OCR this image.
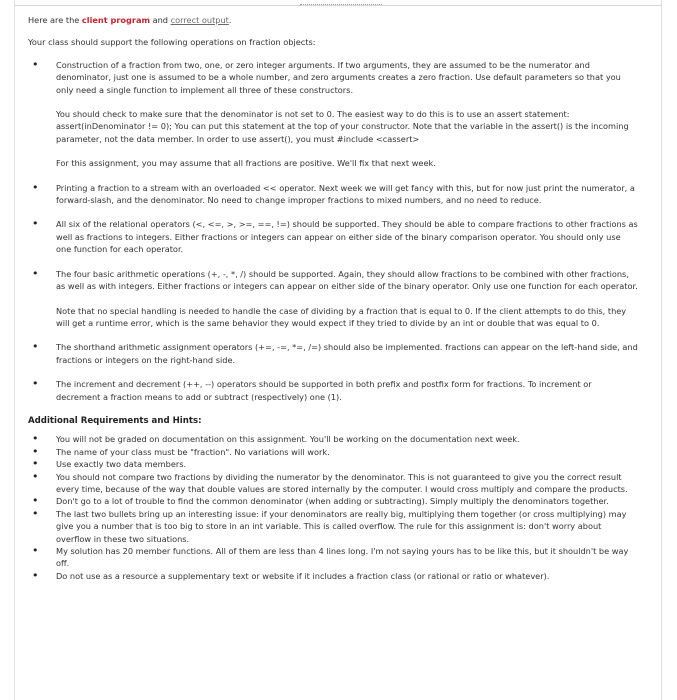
Here are the client program and correct output.

Your class should support the following operations on fraction objects:

• Construction of a fraction from two, one, or zero integer arguments. If two arguments, they are assumed to be the numerator and denominator, just one is assumed to be a whole number, and zero arguments creates a zero fraction. Use default parameters so that you only need a single function to implement all three of these constructors.

You should check to make sure that the denominator is not set to 0. The easiest way to do this is to use an assert statement: assert(inDenominator != 0); You can put this statement at the top of your constructor. Note that the variable in the assert() is the incoming parameter, not the data member. In order to use assert(), you must #include <cassert>

For this assignment, you may assume that all fractions are positive. We'll fix that next week.

• Printing a fraction to a stream with an overloaded << operator. Next week we will get fancy with this, but for now just print the numerator, a forward-slash, and the denominator. No need to change improper fractions to mixed numbers, and no need to reduce.

• All six of the relational operators (<, <=, >, >=, ==, !=) should be supported. They should be able to compare fractions to other fractions as well as fractions to integers. Either fractions or integers can appear on either side of the binary comparison operator. You should only use one function for each operator.

• The four basic arithmetic operations (+, -, *, /) should be supported. Again, they should allow fractions to be combined with other fractions, as well as with integers. Either fractions or integers can appear on either side of the binary operator. Only use one function for each operator.

Note that no special handling is needed to handle the case of dividing by a fraction that is equal to 0. If the client attempts to do this, they will get a runtime error, which is the same behavior they would expect if they tried to divide by an int or double that was equal to 0.

• The shorthand arithmetic assignment operators (+=, -=, *=, /=) should also be implemented. fractions can appear on the left-hand side, and fractions or integers on the right-hand side.

• The increment and decrement (++, --) operators should be supported in both prefix and postfix form for fractions. To increment or decrement a fraction means to add or subtract (respectively) one (1).

Additional Requirements and Hints:
• You will not be graded on documentation on this assignment. You'll be working on the documentation next week.
• The name of your class must be "fraction". No variations will work.
• Use exactly two data members.
• You should not compare two fractions by dividing the numerator by the denominator. This is not guaranteed to give you the correct result every time, because of the way that double values are stored internally by the computer. I would cross multiply and compare the products.
• Don't go to a lot of trouble to find the common denominator (when adding or subtracting). Simply multiply the denominators together.
• The last two bullets bring up an interesting issue: if your denominators are really big, multiplying them together (or cross multiplying) may give you a number that is too big to store in an int variable. This is called overflow. The rule for this assignment is: don't worry about overflow in these two situations.
• My solution has 20 member functions. All of them are less than 4 lines long. I'm not saying yours has to be like this, but it shouldn't be way off.
• Do not use as a resource a supplementary text or website if it includes a fraction class (or rational or ratio or whatever).
